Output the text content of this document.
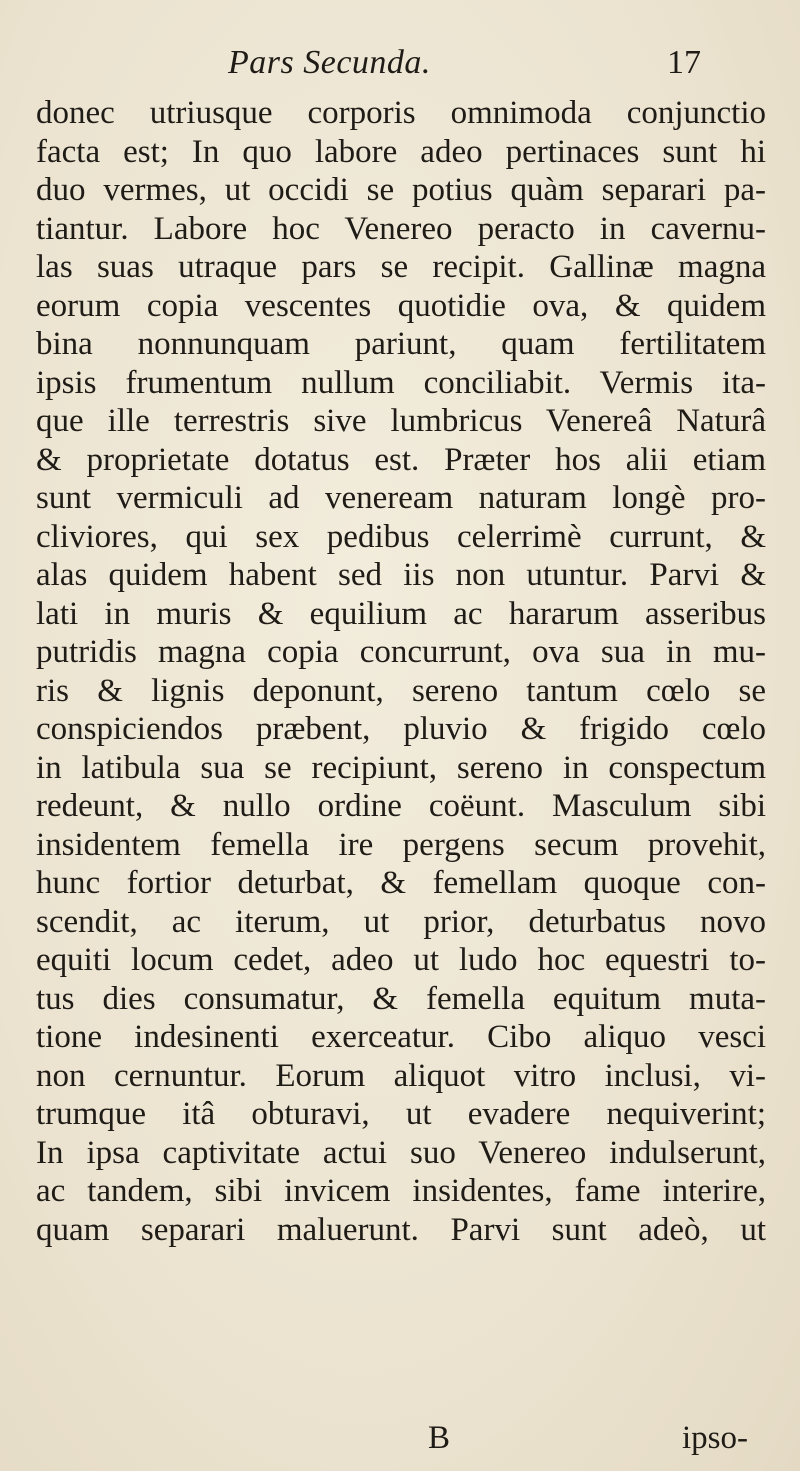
Pars Secunda.	17
donec utriusque corporis omnimoda conjunctio
facta est; In quo labore adeo pertinaces sunt hi
duo vermes, ut occidi se potius quàm separari pa-
tiantur. Labore hoc Venereo peracto in cavernu-
las suas utraque pars se recipit. Gallinæ magna
eorum copia vescentes quotidie ova, & quidem
bina nonnunquam pariunt, quam fertilitatem
ipsis frumentum nullum conciliabit. Vermis ita-
que ille terrestris sive lumbricus Venereâ Naturâ
& proprietate dotatus est. Præter hos alii etiam
sunt vermiculi ad veneream naturam longè pro-
cliviores, qui sex pedibus celerrimè currunt, &
alas quidem habent sed iis non utuntur. Parvi &
lati in muris & equilium ac hararum asseribus
putridis magna copia concurrunt, ova sua in mu-
ris & lignis deponunt, sereno tantum cœlo se
conspiciendos præbent, pluvio & frigido cœlo
in latibula sua se recipiunt, sereno in conspectum
redeunt, & nullo ordine coëunt. Masculum sibi
insidentem femella ire pergens secum provehit,
hunc fortior deturbat, & femellam quoque con-
scendit, ac iterum, ut prior, deturbatus novo
equiti locum cedet, adeo ut ludo hoc equestri to-
tus dies consumatur, & femella equitum muta-
tione indesinenti exerceatur. Cibo aliquo vesci
non cernuntur. Eorum aliquot vitro inclusi, vi-
trumque itâ obturavi, ut evadere nequiverint;
In ipsa captivitate actui suo Venereo indulserunt,
ac tandem, sibi invicem insidentes, fame interire,
quam separari maluerunt. Parvi sunt adeò, ut
B	ipso-
